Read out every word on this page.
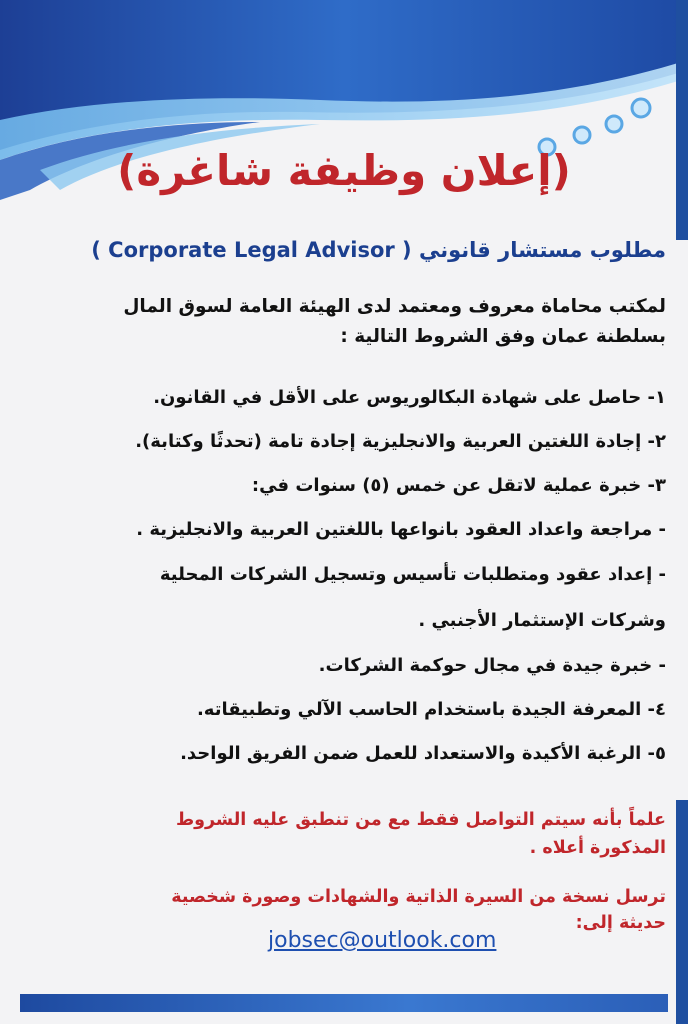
(إعلان وظيفة شاغرة)
مطلوب مستشار قانوني ( Corporate Legal Advisor )
لمكتب محاماة معروف ومعتمد لدى الهيئة العامة لسوق المال
بسلطنة عمان وفق الشروط التالية :
١- حاصل على شهادة البكالوريوس على الأقل في القانون.
٢- إجادة اللغتين العربية والانجليزية إجادة تامة (تحدثًا وكتابة).
٣- خبرة عملية لاتقل عن خمس (٥) سنوات في:
- مراجعة واعداد العقود بانواعها باللغتين العربية والانجليزية .
- إعداد عقود ومتطلبات تأسيس وتسجيل الشركات المحلية
وشركات الإستثمار الأجنبي .
- خبرة جيدة في مجال حوكمة الشركات.
٤- المعرفة الجيدة باستخدام الحاسب الآلي وتطبيقاته.
٥- الرغبة الأكيدة والاستعداد للعمل ضمن الفريق الواحد.
علماً بأنه سيتم التواصل فقط مع من تنطبق عليه الشروط
المذكورة أعلاه .
ترسل نسخة من السيرة الذاتية والشهادات وصورة شخصية
حديثة إلى:
jobsec@outlook.com
